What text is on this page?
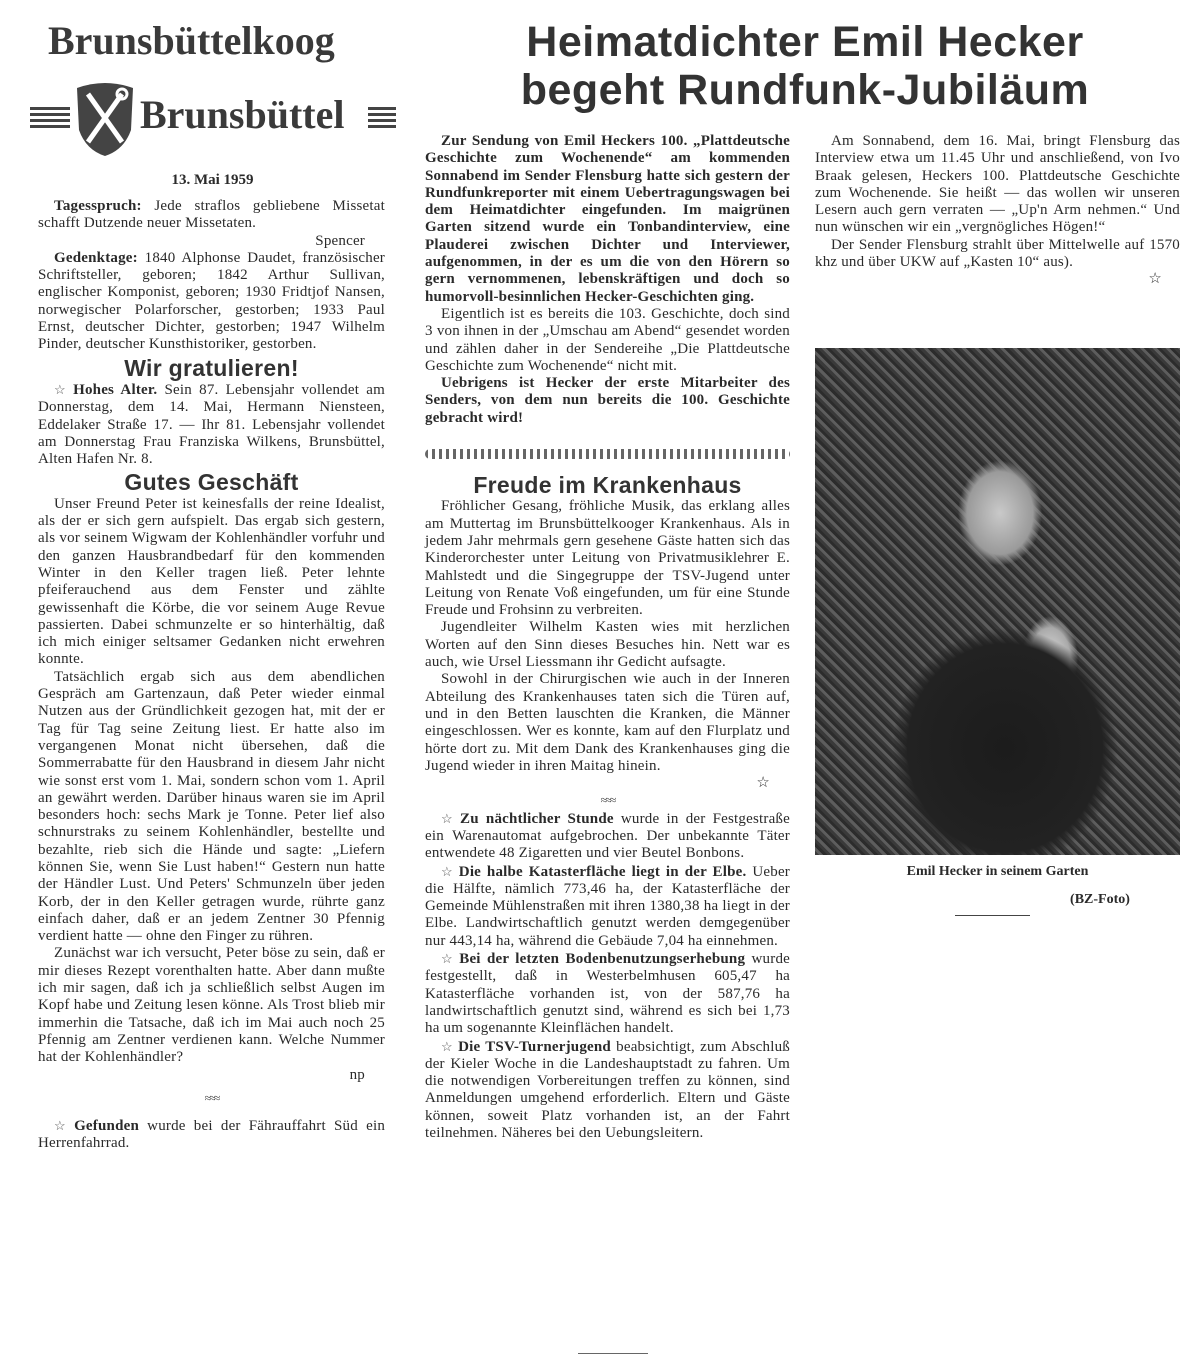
Brunsbüttelkoog
Brunsbüttel
13. Mai 1959

Tagesspruch: Jede straflos gebliebene Missetat schafft Dutzende neuer Missetaten.

Spencer

Gedenktage: 1840 Alphonse Daudet, französischer Schriftsteller, geboren; 1842 Arthur Sullivan, englischer Komponist, geboren; 1930 Fridtjof Nansen, norwegischer Polarforscher, gestorben; 1933 Paul Ernst, deutscher Dichter, gestorben; 1947 Wilhelm Pinder, deutscher Kunsthistoriker, gestorben.

Wir gratulieren!

☆ Hohes Alter. Sein 87. Lebensjahr vollendet am Donnerstag, dem 14. Mai, Hermann Niensteen, Eddelaker Straße 17. — Ihr 81. Lebensjahr vollendet am Donnerstag Frau Franziska Wilkens, Brunsbüttel, Alten Hafen Nr. 8.

Gutes Geschäft

Unser Freund Peter ist keinesfalls der reine Idealist, als der er sich gern aufspielt. Das ergab sich gestern, als vor seinem Wigwam der Kohlenhändler vorfuhr und den ganzen Hausbrandbedarf für den kommenden Winter in den Keller tragen ließ. Peter lehnte pfeiferauchend aus dem Fenster und zählte gewissenhaft die Körbe, die vor seinem Auge Revue passierten. Dabei schmunzelte er so hinterhältig, daß ich mich einiger seltsamer Gedanken nicht erwehren konnte.

Tatsächlich ergab sich aus dem abendlichen Gespräch am Gartenzaun, daß Peter wieder einmal Nutzen aus der Gründlichkeit gezogen hat, mit der er Tag für Tag seine Zeitung liest. Er hatte also im vergangenen Monat nicht übersehen, daß die Sommerrabatte für den Hausbrand in diesem Jahr nicht wie sonst erst vom 1. Mai, sondern schon vom 1. April an gewährt werden. Darüber hinaus waren sie im April besonders hoch: sechs Mark je Tonne. Peter lief also schnurstraks zu seinem Kohlenhändler, bestellte und bezahlte, rieb sich die Hände und sagte: „Liefern können Sie, wenn Sie Lust haben!“ Gestern nun hatte der Händler Lust. Und Peters' Schmunzeln über jeden Korb, der in den Keller getragen wurde, rührte ganz einfach daher, daß er an jedem Zentner 30 Pfennig verdient hatte — ohne den Finger zu rühren.

Zunächst war ich versucht, Peter böse zu sein, daß er mir dieses Rezept vorenthalten hatte. Aber dann mußte ich mir sagen, daß ich ja schließlich selbst Augen im Kopf habe und Zeitung lesen könne. Als Trost blieb mir immerhin die Tatsache, daß ich im Mai auch noch 25 Pfennig am Zentner verdienen kann. Welche Nummer hat der Kohlenhändler?

np
≈≈≈

☆ Gefunden wurde bei der Fährauffahrt Süd ein Herrenfahrrad.

Heimatdichter Emil Hecker
begeht Rundfunk-Jubiläum

Zur Sendung von Emil Heckers 100. „Plattdeutsche Geschichte zum Wochenende“ am kommenden Sonnabend im Sender Flensburg hatte sich gestern der Rundfunkreporter mit einem Uebertragungswagen bei dem Heimatdichter eingefunden. Im maigrünen Garten sitzend wurde ein Tonbandinterview, eine Plauderei zwischen Dichter und Interviewer, aufgenommen, in der es um die von den Hörern so gern vernommenen, lebenskräftigen und doch so humorvoll-besinnlichen Hecker-Geschichten ging.

Eigentlich ist es bereits die 103. Geschichte, doch sind 3 von ihnen in der „Umschau am Abend“ gesendet worden und zählen daher in der Sendereihe „Die Plattdeutsche Geschichte zum Wochenende“ nicht mit.

Uebrigens ist Hecker der erste Mitarbeiter des Senders, von dem nun bereits die 100. Geschichte gebracht wird!

Freude im Krankenhaus

Fröhlicher Gesang, fröhliche Musik, das erklang alles am Muttertag im Brunsbüttelkooger Krankenhaus. Als in jedem Jahr mehrmals gern gesehene Gäste hatten sich das Kinderorchester unter Leitung von Privatmusiklehrer E. Mahlstedt und die Singegruppe der TSV-Jugend unter Leitung von Renate Voß eingefunden, um für eine Stunde Freude und Frohsinn zu verbreiten.

Jugendleiter Wilhelm Kasten wies mit herzlichen Worten auf den Sinn dieses Besuches hin. Nett war es auch, wie Ursel Liessmann ihr Gedicht aufsagte.

Sowohl in der Chirurgischen wie auch in der Inneren Abteilung des Krankenhauses taten sich die Türen auf, und in den Betten lauschten die Kranken, die Männer eingeschlossen. Wer es konnte, kam auf den Flurplatz und hörte dort zu. Mit dem Dank des Krankenhauses ging die Jugend wieder in ihren Maitag hinein.

☆
≈≈≈

☆ Zu nächtlicher Stunde wurde in der Festgestraße ein Warenautomat aufgebrochen. Der unbekannte Täter entwendete 48 Zigaretten und vier Beutel Bonbons.

☆ Die halbe Katasterfläche liegt in der Elbe. Ueber die Hälfte, nämlich 773,46 ha, der Katasterfläche der Gemeinde Mühlenstraßen mit ihren 1380,38 ha liegt in der Elbe. Landwirtschaftlich genutzt werden demgegenüber nur 443,14 ha, während die Gebäude 7,04 ha einnehmen.

☆ Bei der letzten Bodenbenutzungserhebung wurde festgestellt, daß in Westerbelmhusen 605,47 ha Katasterfläche vorhanden ist, von der 587,76 ha landwirtschaftlich genutzt sind, während es sich bei 1,73 ha um sogenannte Kleinflächen handelt.

☆ Die TSV-Turnerjugend beabsichtigt, zum Abschluß der Kieler Woche in die Landeshauptstadt zu fahren. Um die notwendigen Vorbereitungen treffen zu können, sind Anmeldungen umgehend erforderlich. Eltern und Gäste können, soweit Platz vorhanden ist, an der Fahrt teilnehmen. Näheres bei den Uebungsleitern.

Am Sonnabend, dem 16. Mai, bringt Flensburg das Interview etwa um 11.45 Uhr und anschließend, von Ivo Braak gelesen, Heckers 100. Plattdeutsche Geschichte zum Wochenende. Sie heißt — das wollen wir unseren Lesern auch gern verraten — „Up'n Arm nehmen.“ Und nun wünschen wir ein „vergnögliches Högen!“

Der Sender Flensburg strahlt über Mittelwelle auf 1570 khz und über UKW auf „Kasten 10“ aus).

☆
Emil Hecker in seinem Garten
(BZ-Foto)
